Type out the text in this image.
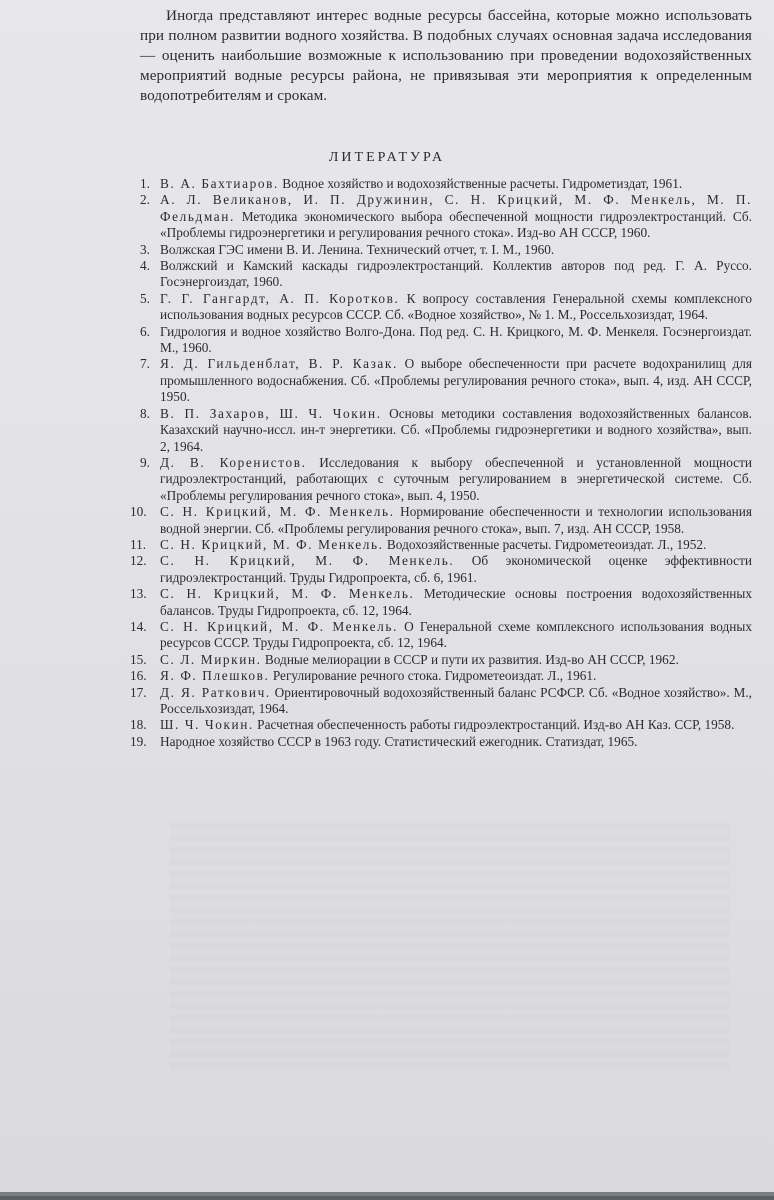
Иногда представляют интерес водные ресурсы бассейна, которые можно использовать при полном развитии водного хозяйства. В подобных случаях основная задача исследования — оценить наибольшие возможные к использованию при проведении водохозяйственных мероприятий водные ресурсы района, не привязывая эти мероприятия к определенным водопотребителям и срокам.

ЛИТЕРАТУРА
1. В. А. Бахтиаров. Водное хозяйство и водохозяйственные расчеты. Гидрометиздат, 1961.
2. А. Л. Великанов, И. П. Дружинин, С. Н. Крицкий, М. Ф. Менкель, М. П. Фельдман. Методика экономического выбора обеспеченной мощности гидроэлектростанций. Сб. «Проблемы гидроэнергетики и регулирования речного стока». Изд-во АН СССР, 1960.
3. Волжская ГЭС имени В. И. Ленина. Технический отчет, т. I. М., 1960.
4. Волжский и Камский каскады гидроэлектростанций. Коллектив авторов под ред. Г. А. Руссо. Госэнергоиздат, 1960.
5. Г. Г. Гангардт, А. П. Коротков. К вопросу составления Генеральной схемы комплексного использования водных ресурсов СССР. Сб. «Водное хозяйство», № 1. М., Россельхозиздат, 1964.
6. Гидрология и водное хозяйство Волго-Дона. Под ред. С. Н. Крицкого, М. Ф. Менкеля. Госэнергоиздат. М., 1960.
7. Я. Д. Гильденблат, В. Р. Казак. О выборе обеспеченности при расчете водохранилищ для промышленного водоснабжения. Сб. «Проблемы регулирования речного стока», вып. 4, изд. АН СССР, 1950.
8. В. П. Захаров, Ш. Ч. Чокин. Основы методики составления водохозяйственных балансов. Казахский научно-иссл. ин-т энергетики. Сб. «Проблемы гидроэнергетики и водного хозяйства», вып. 2, 1964.
9. Д. В. Коренистов. Исследования к выбору обеспеченной и установленной мощности гидроэлектростанций, работающих с суточным регулированием в энергетической системе. Сб. «Проблемы регулирования речного стока», вып. 4, 1950.
10. С. Н. Крицкий, М. Ф. Менкель. Нормирование обеспеченности и технологии использования водной энергии. Сб. «Проблемы регулирования речного стока», вып. 7, изд. АН СССР, 1958.
11. С. Н. Крицкий, М. Ф. Менкель. Водохозяйственные расчеты. Гидрометеоиздат. Л., 1952.
12. С. Н. Крицкий, М. Ф. Менкель. Об экономической оценке эффективности гидроэлектростанций. Труды Гидропроекта, сб. 6, 1961.
13. С. Н. Крицкий, М. Ф. Менкель. Методические основы построения водохозяйственных балансов. Труды Гидропроекта, сб. 12, 1964.
14. С. Н. Крицкий, М. Ф. Менкель. О Генеральной схеме комплексного использования водных ресурсов СССР. Труды Гидропроекта, сб. 12, 1964.
15. С. Л. Миркин. Водные мелиорации в СССР и пути их развития. Изд-во АН СССР, 1962.
16. Я. Ф. Плешков. Регулирование речного стока. Гидрометеоиздат. Л., 1961.
17. Д. Я. Раткович. Ориентировочный водохозяйственный баланс РСФСР. Сб. «Водное хозяйство». М., Россельхозиздат, 1964.
18. Ш. Ч. Чокин. Расчетная обеспеченность работы гидроэлектростанций. Изд-во АН Каз. ССР, 1958.
19. Народное хозяйство СССР в 1963 году. Статистический ежегодник. Статиздат, 1965.
